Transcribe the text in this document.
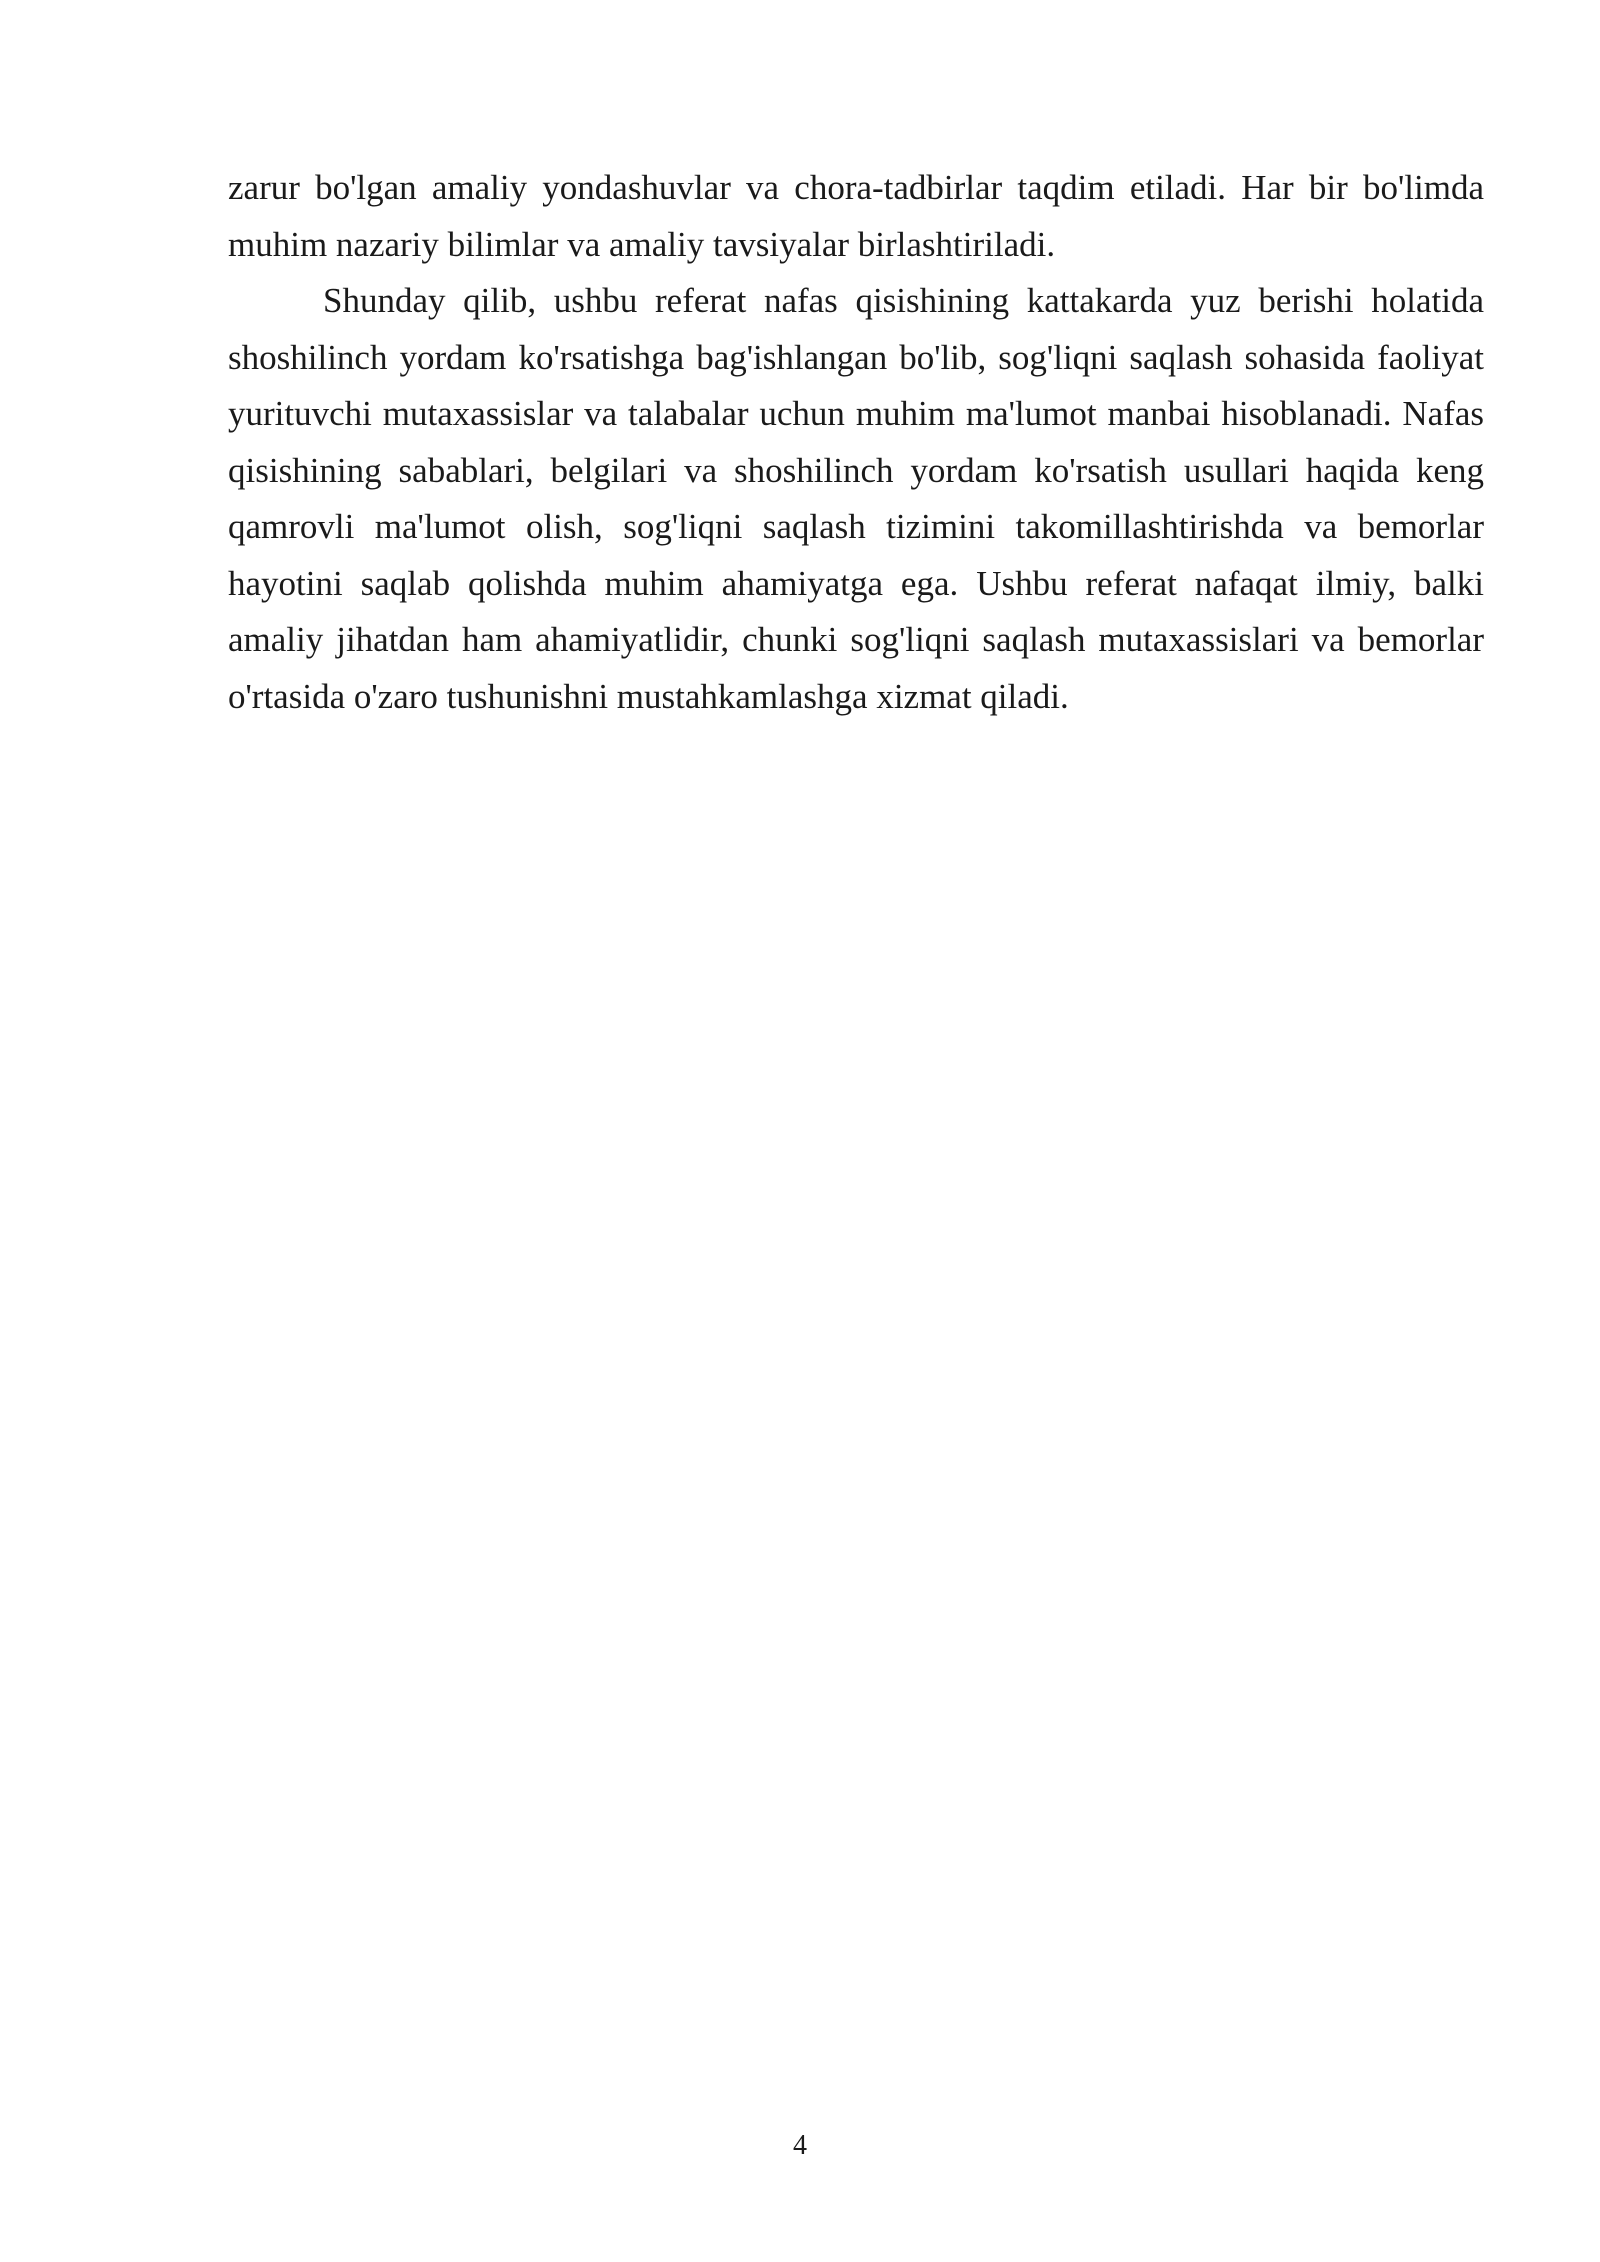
zarur bo'lgan amaliy yondashuvlar va chora-tadbirlar taqdim etiladi. Har bir bo'limda muhim nazariy bilimlar va amaliy tavsiyalar birlashtiriladi.

Shunday qilib, ushbu referat nafas qisishining kattakarda yuz berishi holatida shoshilinch yordam ko'rsatishga bag'ishlangan bo'lib, sog'liqni saqlash sohasida faoliyat yurituvchi mutaxassislar va talabalar uchun muhim ma'lumot manbai hisoblanadi. Nafas qisishining sabablari, belgilari va shoshilinch yordam ko'rsatish usullari haqida keng qamrovli ma'lumot olish, sog'liqni saqlash tizimini takomillashtirishda va bemorlar hayotini saqlab qolishda muhim ahamiyatga ega. Ushbu referat nafaqat ilmiy, balki amaliy jihatdan ham ahamiyatlidir, chunki sog'liqni saqlash mutaxassislari va bemorlar o'rtasida o'zaro tushunishni mustahkamlashga xizmat qiladi.

4
